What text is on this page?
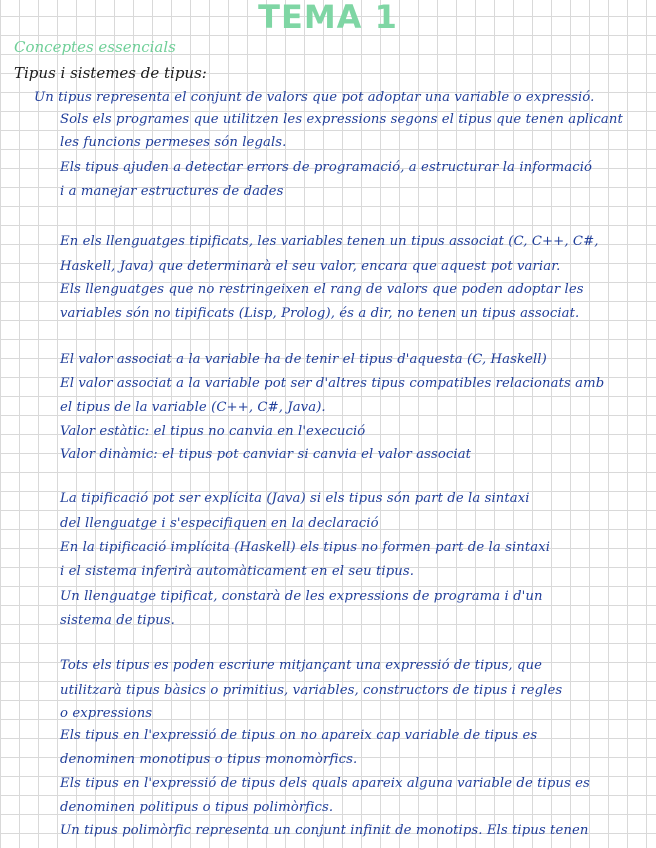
TEMA 1
Conceptes essencials
Tipus i sistemes de tipus:
Un tipus representa el conjunt de valors que pot adoptar una variable o expressió.
Sols els programes que utilitzen les expressions segons el tipus que tenen aplicant
les funcions permeses són legals.
Els tipus ajuden a detectar errors de programació, a estructurar la informació
i a manejar estructures de dades
En els llenguatges tipificats, les variables tenen un tipus associat (C, C++, C#,
Haskell, Java) que determinarà el seu valor, encara que aquest pot variar.
Els llenguatges que no restringeixen el rang de valors que poden adoptar les
variables són no tipificats (Lisp, Prolog), és a dir, no tenen un tipus associat.
El valor associat a la variable ha de tenir el tipus d'aquesta (C, Haskell)
El valor associat a la variable pot ser d'altres tipus compatibles relacionats amb
el tipus de la variable (C++, C#, Java).
Valor estàtic: el tipus no canvia en l'execució
Valor dinàmic: el tipus pot canviar si canvia el valor associat
La tipificació pot ser explícita (Java) si els tipus són part de la sintaxi
del llenguatge i s'especifiquen en la declaració
En la tipificació implícita (Haskell) els tipus no formen part de la sintaxi
i el sistema inferirà automàticament en el seu tipus.
Un llenguatge tipificat, constarà de les expressions de programa i d'un
sistema de tipus.
Tots els tipus es poden escriure mitjançant una expressió de tipus, que
utilitzarà tipus bàsics o primitius, variables, constructors de tipus i regles
o expressions
Els tipus en l'expressió de tipus on no apareix cap variable de tipus es
denominen monotipus o tipus monomòrfics.
Els tipus en l'expressió de tipus dels quals apareix alguna variable de tipus es
denominen politipus o tipus polimòrfics.
Un tipus polimòrfic representa un conjunt infinit de monotips. Els tipus tenen
